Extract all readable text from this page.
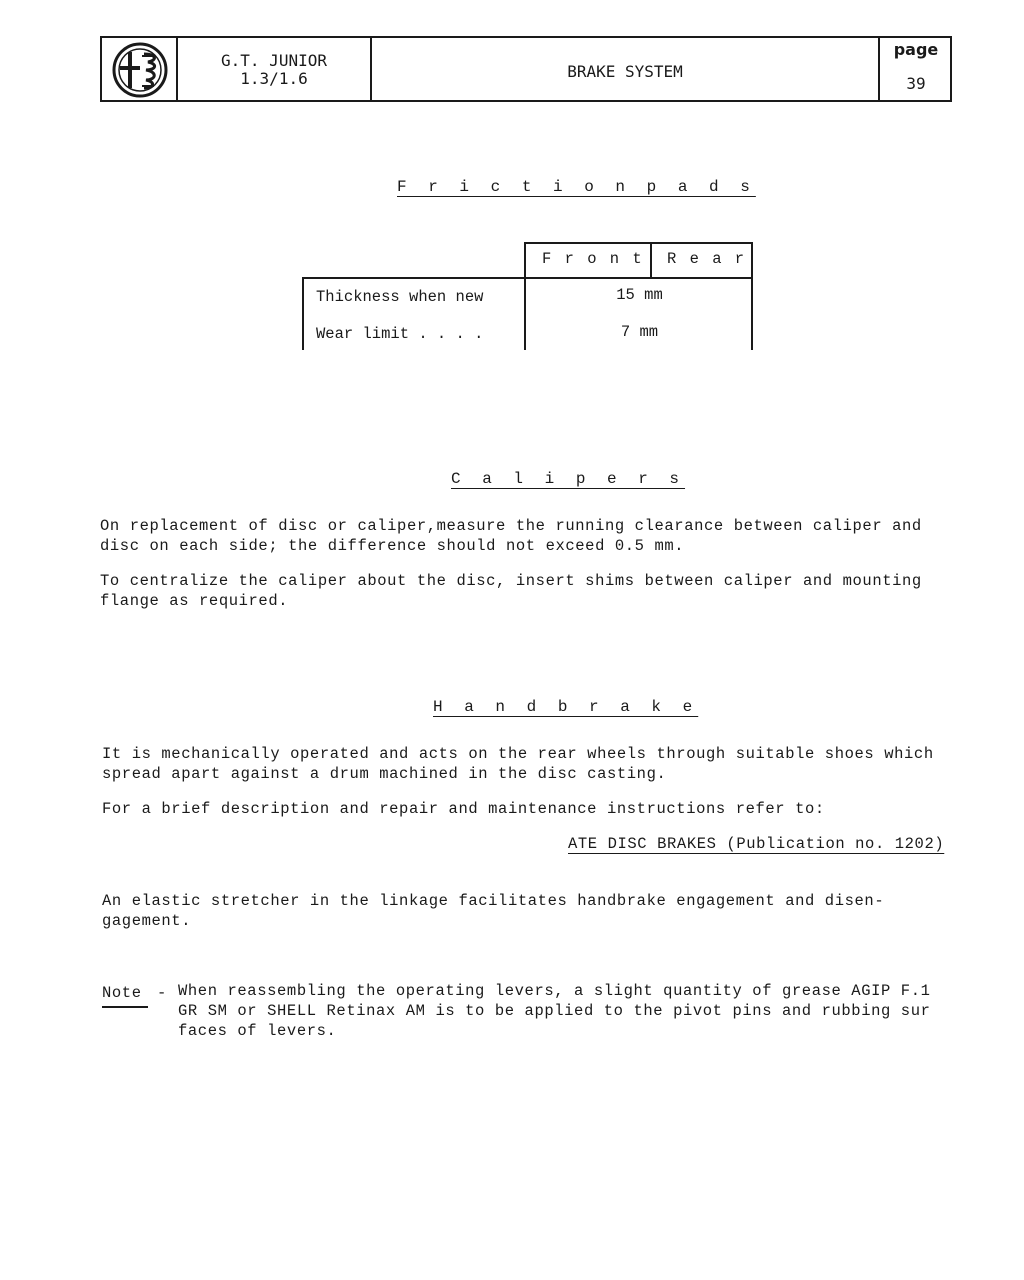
G.T. JUNIOR
1.3/1.6	BRAKE SYSTEM
page
39
F r i c t i o n p a d s
F r o n t R e a r
Thickness when new	15 mm
Wear limit . . . .	7 mm
C a l i p e r s
On replacement of disc or caliper,measure the running clearance between caliper and
disc on each side; the difference should not exceed 0.5 mm.
To centralize the caliper about the disc, insert shims between caliper and mounting
flange as required.
H a n d b r a k e
It is mechanically operated and acts on the rear wheels through suitable shoes which
spread apart against a drum machined in the disc casting.
For a brief description and repair and maintenance instructions refer to:
ATE DISC BRAKES (Publication no. 1202)
An elastic stretcher in the linkage facilitates handbrake engagement and disen-
gagement.
Note - When reassembling the operating levers, a slight quantity of grease AGIP F.1
GR SM or SHELL Retinax AM is to be applied to the pivot pins and rubbing sur
faces of levers.
